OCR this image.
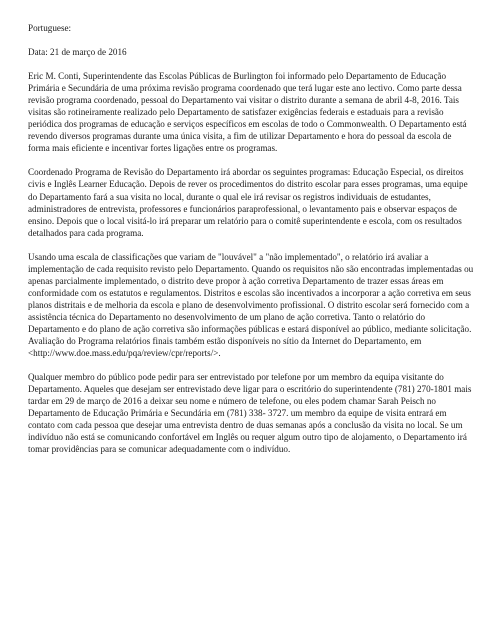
Portuguese:

Data: 21 de março de 2016

Eric M. Conti, Superintendente das Escolas Públicas de Burlington foi informado pelo Departamento de Educação Primária e Secundária de uma próxima revisão programa coordenado que terá lugar este ano lectivo. Como parte dessa revisão programa coordenado, pessoal do Departamento vai visitar o distrito durante a semana de abril 4-8, 2016. Tais visitas são rotineiramente realizado pelo Departamento de satisfazer exigências federais e estaduais para a revisão periódica dos programas de educação e serviços específicos em escolas de todo o Commonwealth. O Departamento está revendo diversos programas durante uma única visita, a fim de utilizar Departamento e hora do pessoal da escola de forma mais eficiente e incentivar fortes ligações entre os programas.

Coordenado Programa de Revisão do Departamento irá abordar os seguintes programas: Educação Especial, os direitos civis e Inglês Learner Educação. Depois de rever os procedimentos do distrito escolar para esses programas, uma equipe do Departamento fará a sua visita no local, durante o qual ele irá revisar os registros individuais de estudantes, administradores de entrevista, professores e funcionários paraprofessional, o levantamento pais e observar espaços de ensino. Depois que o local visitá-lo irá preparar um relatório para o comitê superintendente e escola, com os resultados detalhados para cada programa.

Usando uma escala de classificações que variam de "louvável" a "não implementado", o relatório irá avaliar a implementação de cada requisito revisto pelo Departamento. Quando os requisitos não são encontradas implementadas ou apenas parcialmente implementado, o distrito deve propor à ação corretiva Departamento de trazer essas áreas em conformidade com os estatutos e regulamentos. Distritos e escolas são incentivados a incorporar a ação corretiva em seus planos distritais e de melhoria da escola e plano de desenvolvimento profissional. O distrito escolar será fornecido com a assistência técnica do Departamento no desenvolvimento de um plano de ação corretiva. Tanto o relatório do Departamento e do plano de ação corretiva são informações públicas e estará disponível ao público, mediante solicitação. Avaliação do Programa relatórios finais também estão disponíveis no sítio da Internet do Departamento, em <http://www.doe.mass.edu/pqa/review/cpr/reports/>.

Qualquer membro do público pode pedir para ser entrevistado por telefone por um membro da equipa visitante do Departamento. Aqueles que desejam ser entrevistado deve ligar para o escritório do superintendente (781) 270-1801 mais tardar em 29 de março de 2016 a deixar seu nome e número de telefone, ou eles podem chamar Sarah Peisch no Departamento de Educação Primária e Secundária em (781) 338- 3727. um membro da equipe de visita entrará em contato com cada pessoa que desejar uma entrevista dentro de duas semanas após a conclusão da visita no local. Se um indivíduo não está se comunicando confortável em Inglês ou requer algum outro tipo de alojamento, o Departamento irá tomar providências para se comunicar adequadamente com o indivíduo.
